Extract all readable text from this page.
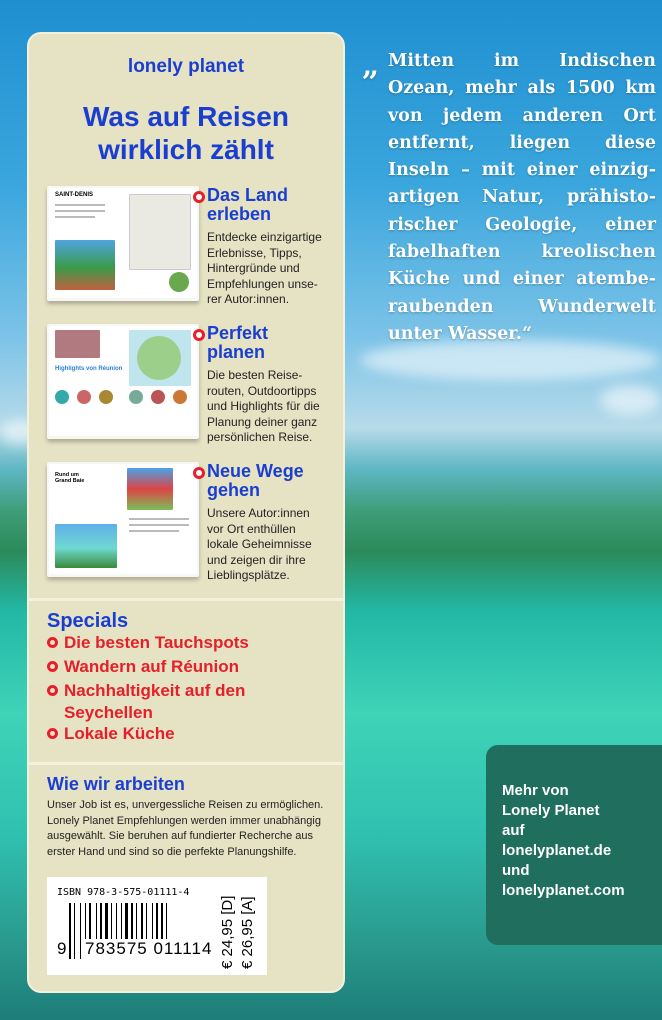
lonely planet
Was auf Reisen
wirklich zählt
SAINT-DENIS	Das Land
erleben
Entdecke einzigartige
Erlebnisse, Tipps,
Hintergründe und
Empfehlungen unse-
rer Autor:innen.
Highlights von Réunion
Perfekt
planen
Die besten Reise-
routen, Outdoortipps
und Highlights für die
Planung deiner ganz
persönlichen Reise.
Rund um Grand Baie	Neue Wege
gehen
Unsere Autor:innen
vor Ort enthüllen
lokale Geheimnisse
und zeigen dir ihre
Lieblingsplätze.
Specials
Die besten Tauchspots
Wandern auf Réunion
Nachhaltigkeit auf den Seychellen
Lokale Küche
Wie wir arbeiten
Unser Job ist es, unvergessliche Reisen zu ermöglichen. Lonely Planet Empfehlungen werden immer unabhängig ausgewählt. Sie beruhen auf fundierter Recherche aus erster Hand und sind so die perfekte Planungshilfe.
ISBN 978-3-575-01111-4
9 783575 011114 € 24,95 [D] € 26,95 [A]
„ Mitten im Indischen Ozean, mehr als 1500 km von jedem anderen Ort entfernt, liegen diese Inseln – mit einer einzig-artigen Natur, prähisto-rischer Geologie, einer fabelhaften kreolischen Küche und einer atembe-raubenden Wunderwelt unter Wasser.“
Mehr von
Lonely Planet
auf
lonelyplanet.de
und
lonelyplanet.com
